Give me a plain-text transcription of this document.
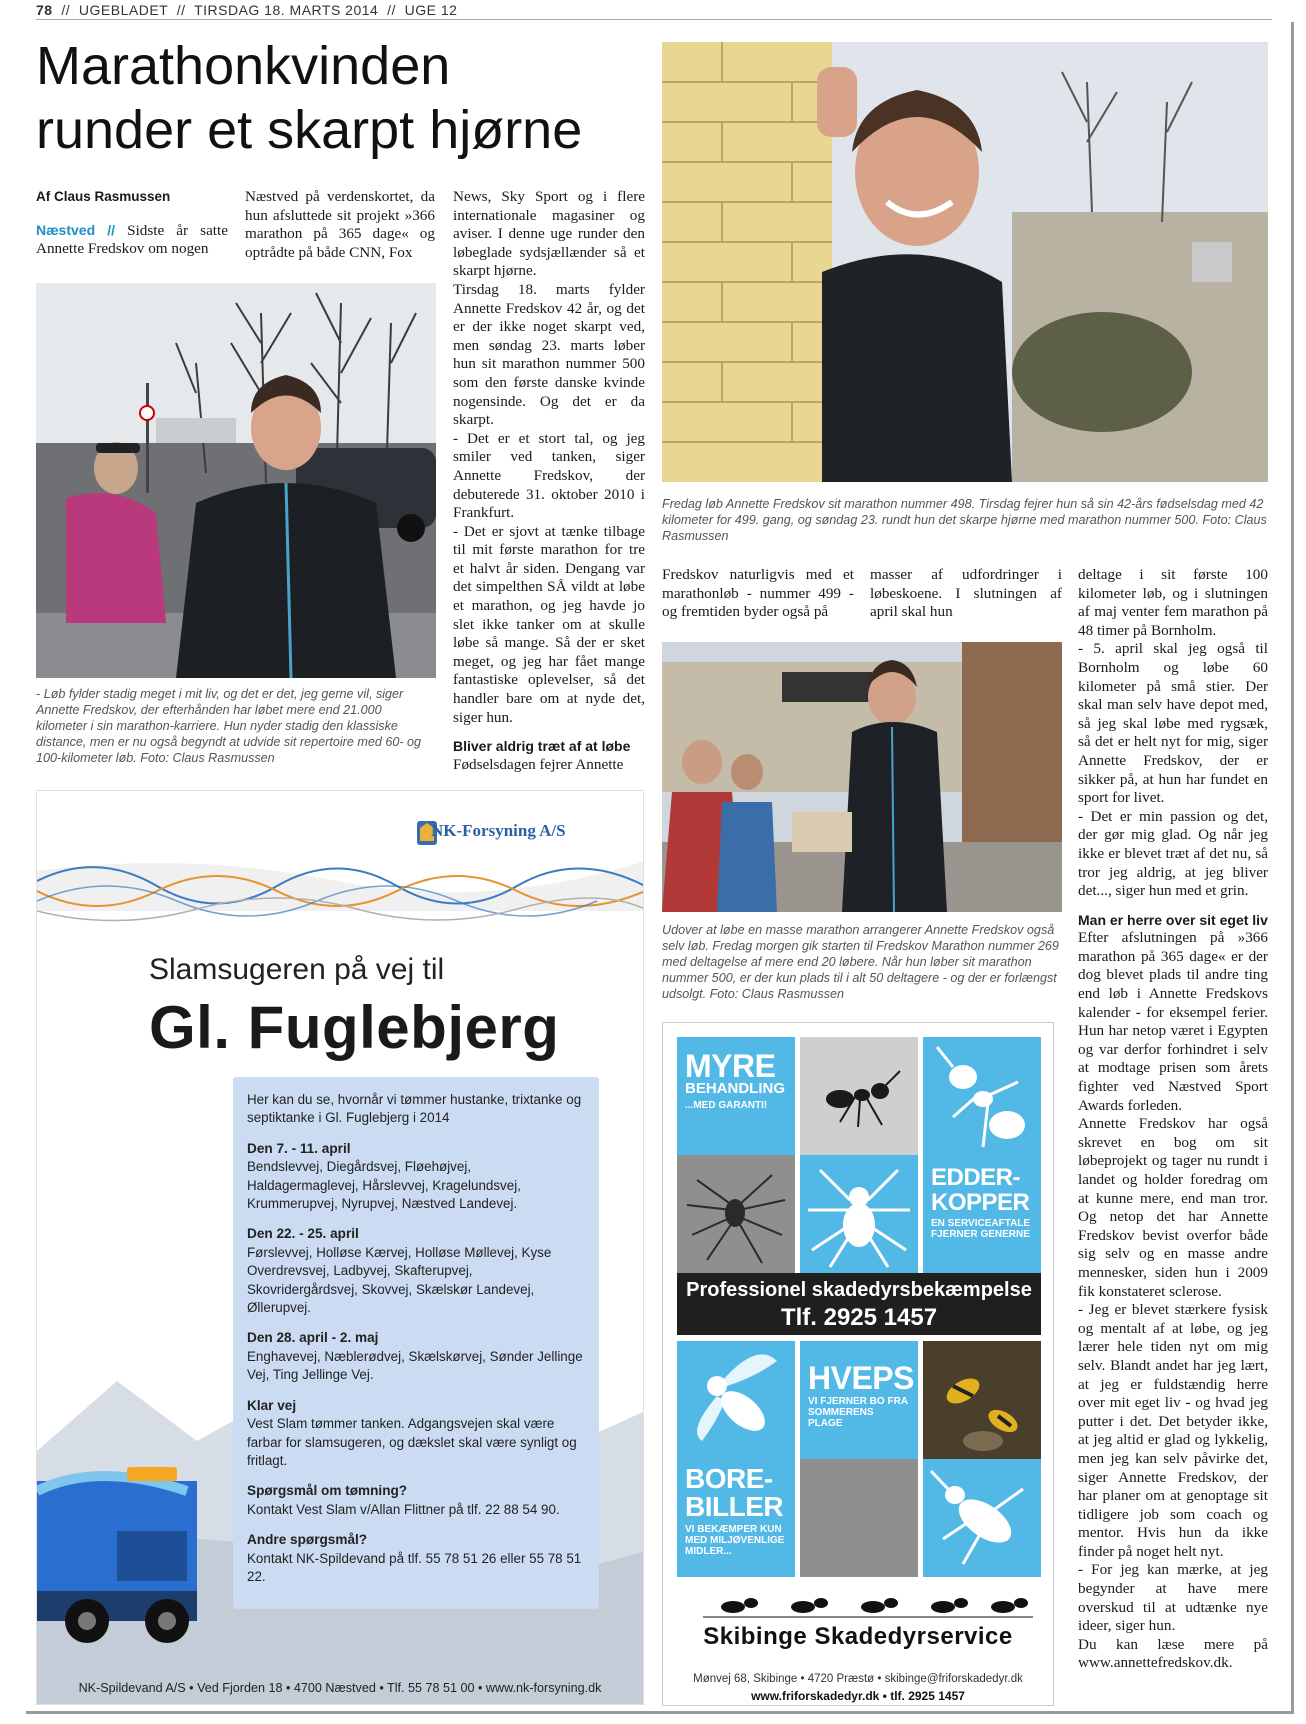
78 // UGEBLADET // TIRSDAG 18. MARTS 2014 // UGE 12
Marathonkvinden
runder et skarpt hjørne
Af Claus Rasmussen

Næstved // Sidste år satte Annette Fredskov om nogen

Næstved på verdenskortet, da hun afsluttede sit projekt »366 marathon på 365 dage« og optrådte på både CNN, Fox

- Løb fylder stadig meget i mit liv, og det er det, jeg gerne vil, siger Annette Fredskov, der efterhånden har løbet mere end 21.000 kilometer i sin marathon-karriere. Hun nyder stadig den klassiske distance, men er nu også begyndt at udvide sit repertoire med 60- og 100-kilometer løb. Foto: Claus Rasmussen

News, Sky Sport og i flere internationale magasiner og aviser. I denne uge runder den løbeglade sydsjællænder så et skarpt hjørne.

Tirsdag 18. marts fylder Annette Fredskov 42 år, og det er der ikke noget skarpt ved, men søndag 23. marts løber hun sit marathon nummer 500 som den første danske kvinde nogensinde. Og det er da skarpt.

- Det er et stort tal, og jeg smiler ved tanken, siger Annette Fredskov, der debuterede 31. oktober 2010 i Frankfurt.

- Det er sjovt at tænke tilbage til mit første marathon for tre et halvt år siden. Dengang var det simpelthen SÅ vildt at løbe et marathon, og jeg havde jo slet ikke tanker om at skulle løbe så mange. Så der er sket meget, og jeg har fået mange fantastiske oplevelser, så det handler bare om at nyde det, siger hun.

Bliver aldrig træt af at løbe

Fødselsdagen fejrer Annette

Fredag løb Annette Fredskov sit marathon nummer 498. Tirsdag fejrer hun så sin 42-års fødselsdag med 42 kilometer for 499. gang, og søndag 23. rundt hun det skarpe hjørne med marathon nummer 500. Foto: Claus Rasmussen

Fredskov naturligvis med et marathonløb - nummer 499 - og fremtiden byder også på

masser af udfordringer i løbeskoene. I slutningen af april skal hun

Udover at løbe en masse marathon arrangerer Annette Fredskov også selv løb. Fredag morgen gik starten til Fredskov Marathon nummer 269 med deltagelse af mere end 20 løbere. Når hun løber sit marathon nummer 500, er der kun plads til i alt 50 deltagere - og der er forlængst udsolgt. Foto: Claus Rasmussen

deltage i sit første 100 kilometer løb, og i slutningen af maj venter fem marathon på 48 timer på Bornholm.

- 5. april skal jeg også til Bornholm og løbe 60 kilometer på små stier. Der skal man selv have depot med, så jeg skal løbe med rygsæk, så det er helt nyt for mig, siger Annette Fredskov, der er sikker på, at hun har fundet en sport for livet.

- Det er min passion og det, der gør mig glad. Og når jeg ikke er blevet træt af det nu, så tror jeg aldrig, at jeg bliver det..., siger hun med et grin.

Man er herre over sit eget liv

Efter afslutningen på »366 marathon på 365 dage« er der dog blevet plads til andre ting end løb i Annette Fredskovs kalender - for eksempel ferier. Hun har netop været i Egypten og var derfor forhindret i selv at modtage prisen som årets fighter ved Næstved Sport Awards forleden.

Annette Fredskov har også skrevet en bog om sit løbeprojekt og tager nu rundt i landet og holder foredrag om at kunne mere, end man tror. Og netop det har Annette Fredskov bevist overfor både sig selv og en masse andre mennesker, siden hun i 2009 fik konstateret sclerose.

- Jeg er blevet stærkere fysisk og mentalt af at løbe, og jeg lærer hele tiden nyt om mig selv. Blandt andet har jeg lært, at jeg er fuldstændig herre over mit eget liv - og hvad jeg putter i det. Det betyder ikke, at jeg altid er glad og lykkelig, men jeg kan selv påvirke det, siger Annette Fredskov, der har planer om at genoptage sit tidligere job som coach og mentor. Hvis hun da ikke finder på noget helt nyt.

- For jeg kan mærke, at jeg begynder at have mere overskud til at udtænke nye ideer, siger hun.

Du kan læse mere på www.annettefredskov.dk.

NK-Forsyning A/S
Slamsugeren på vej til
Gl. Fuglebjerg

Her kan du se, hvornår vi tømmer hustanke, trixtanke og septiktanke i Gl. Fuglebjerg i 2014

Den 7. - 11. april

Bendslevvej, Diegårdsvej, Fløehøjvej, Haldagermaglevej, Hårslevvej, Kragelundsvej, Krummerupvej, Nyrupvej, Næstved Landevej.

Den 22. - 25. april

Førslevvej, Holløse Kærvej, Holløse Møllevej, Kyse Overdrevsvej, Ladbyvej, Skafterupvej, Skovridergårdsvej, Skovvej, Skælskør Landevej, Øllerupvej.

Den 28. april - 2. maj

Enghavevej, Næblerødvej, Skælskørvej, Sønder Jellinge Vej, Ting Jellinge Vej.

Klar vej

Vest Slam tømmer tanken. Adgangsvejen skal være farbar for slamsugeren, og dækslet skal være synligt og fritlagt.

Spørgsmål om tømning?

Kontakt Vest Slam v/Allan Flittner på tlf. 22 88 54 90.

Andre spørgsmål?

Kontakt NK-Spildevand på tlf. 55 78 51 26 eller 55 78 51 22.

NK-Spildevand A/S • Ved Fjorden 18 • 4700 Næstved • Tlf. 55 78 51 00 • www.nk-forsyning.dk
MYRE
BEHANDLING
...MED GARANTI!
EDDER-KOPPER
EN SERVICEAFTALE FJERNER GENERNE
Professionel skadedyrsbekæmpelse
Tlf. 2925 1457
HVEPS
VI FJERNER BO FRA SOMMERENS PLAGE
BORE-BILLER
VI BEKÆMPER KUN MED MILJØVENLIGE MIDLER...
Skibinge Skadedyrservice
Mønvej 68, Skibinge • 4720 Præstø • skibinge@friforskadedyr.dk
www.friforskadedyr.dk • tlf. 2925 1457
